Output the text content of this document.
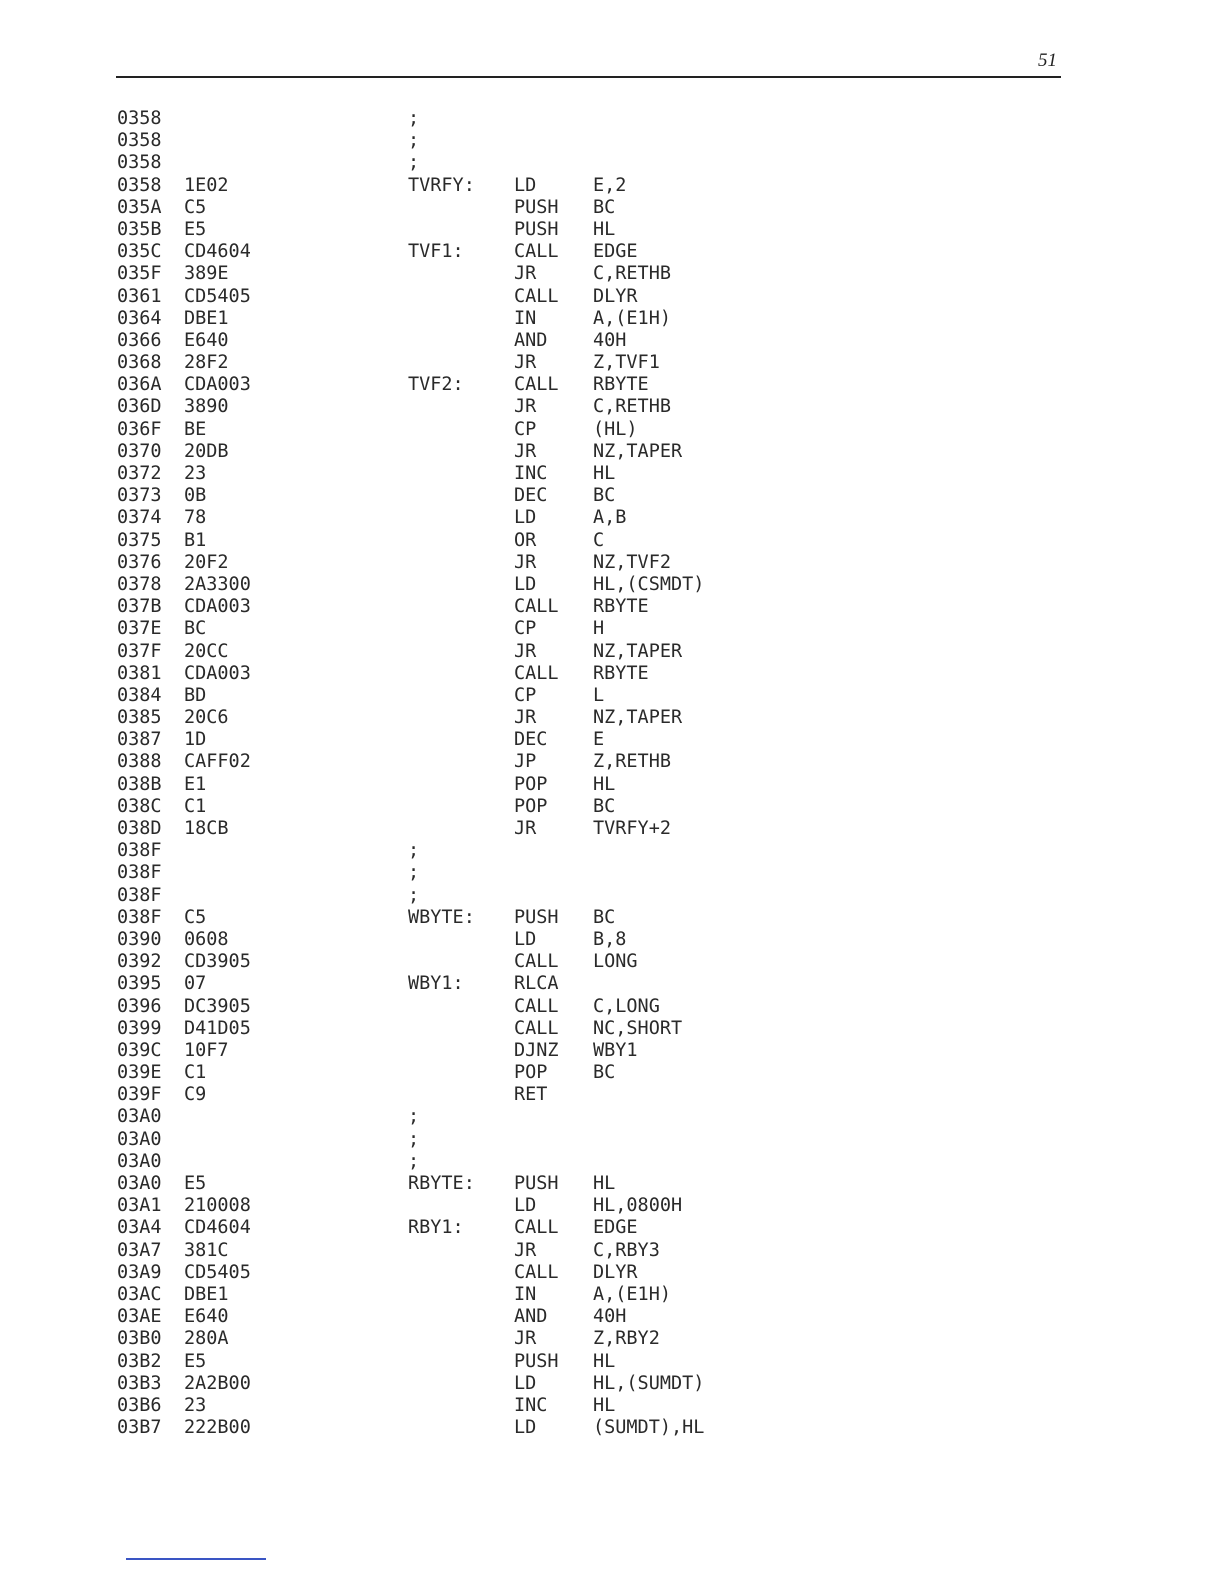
51
0358	;
0358	;
0358	;
0358 1E02	TVRFY: LD	E,2
035A C5	PUSH BC
035B E5	PUSH HL
035C CD4604	TVF1:	CALL EDGE
035F 389E	JR	C,RETHB
0361 CD5405	CALL DLYR
0364 DBE1	IN	A,(E1H)
0366 E640	AND 40H
0368 28F2	JR	Z,TVF1
036A CDA003	TVF2:	CALL RBYTE
036D 3890	JR	C,RETHB
036F BE	CP	(HL)
0370 20DB	JR	NZ,TAPER
0372 23	INC HL
0373 0B	DEC BC
0374 78	LD	A,B
0375 B1	OR	C
0376 20F2	JR	NZ,TVF2
0378 2A3300	LD	HL,(CSMDT)
037B CDA003	CALL RBYTE
037E BC	CP	H
037F 20CC	JR	NZ,TAPER
0381 CDA003	CALL RBYTE
0384 BD	CP	L
0385 20C6	JR	NZ,TAPER
0387 1D	DEC E
0388 CAFF02	JP	Z,RETHB
038B E1	POP HL
038C C1	POP BC
038D 18CB	JR	TVRFY+2
038F	;
038F	;
038F	;
038F C5	WBYTE: PUSH BC
0390 0608	LD	B,8
0392 CD3905	CALL LONG
0395 07	WBY1:	RLCA
0396 DC3905	CALL C,LONG
0399 D41D05	CALL NC,SHORT
039C 10F7	DJNZ WBY1
039E C1	POP BC
039F C9	RET
03A0	;
03A0	;
03A0	;
03A0 E5	RBYTE: PUSH HL
03A1 210008	LD	HL,0800H
03A4 CD4604	RBY1:	CALL EDGE
03A7 381C	JR	C,RBY3
03A9 CD5405	CALL DLYR
03AC DBE1	IN	A,(E1H)
03AE E640	AND 40H
03B0 280A	JR	Z,RBY2
03B2 E5	PUSH HL
03B3 2A2B00	LD	HL,(SUMDT)
03B6 23	INC HL
03B7 222B00	LD	(SUMDT),HL
